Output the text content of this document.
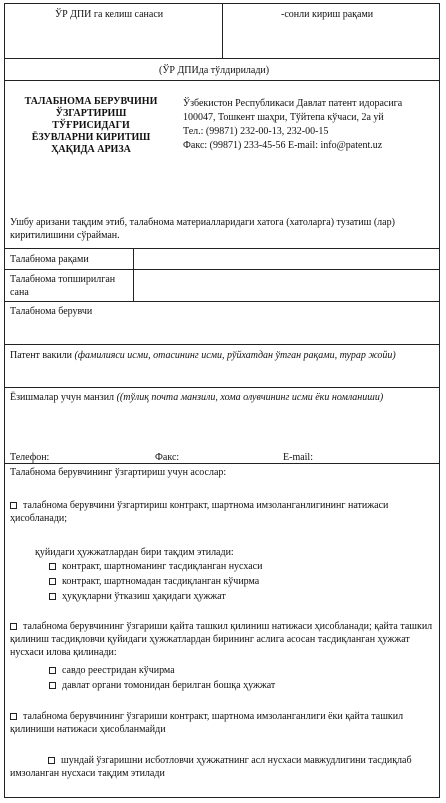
ЎР ДПИ га келиш санаси	-сонли кириш рақами
(ЎР ДПИда тўлдирилади)
ТАЛАБНОМА БЕРУВЧИНИ
ЎЗГАРТИРИШ
ТЎҒРИСИДАГИ
ЁЗУВЛАРНИ КИРИТИШ
ҲАҚИДА АРИЗА
Ўзбекистон Республикаси Давлат патент идорасига
100047, Тошкент шаҳри, Тўйтепа кўчаси, 2а уй
Тел.: (99871) 232-00-13, 232-00-15
Факс: (99871) 233-45-56 E-mail: info@patent.uz
Ушбу аризани тақдим этиб, талабнома материалларидаги хатога (хатоларга) тузатиш (лар) киритилишини сўрайман.
Талабнома рақами
Талабнома топширилган сана
Талабнома берувчи
Патент вакили (фамилияси исми, отасининг исми, рўйхатдан ўтган рақами, турар жойи)
Ёзишмалар учун манзил ((тўлиқ почта манзили, хома олувчининг исми ёки номланиши)
Телефон:	Факс:	E-mail:
Талабнома берувчининг ўзгартириш учун асослар:
талабнома берувчини ўзгартириш контракт, шартнома имзоланганлигининг натижаси ҳисобланади;
қуйидаги ҳужжатлардан бири тақдим этилади:
контракт, шартноманинг тасдиқланган нусхаси
контракт, шартномадан тасдиқланган кўчирма
ҳуқуқларни ўтказиш ҳақидаги ҳужжат
талабнома берувчининг ўзгариши қайта ташкил қилиниш натижаси ҳисобланади; қайта ташкил қилиниш тасдиқловчи қуйидаги ҳужжатлардан бирининг аслига асосан тасдиқланган ҳужжат нусхаси илова қилинади:
савдо реестридан кўчирма
давлат органи томонидан берилган бошқа ҳужжат
талабнома берувчининг ўзгариши контракт, шартнома имзоланганлиги ёки қайта ташкил қилиниши натижаси ҳисобланмайди
шундай ўзгаришни исботловчи ҳужжатнинг асл нусхаси мавжудлигини тасдиқлаб имзоланган нусхаси тақдим этилади
